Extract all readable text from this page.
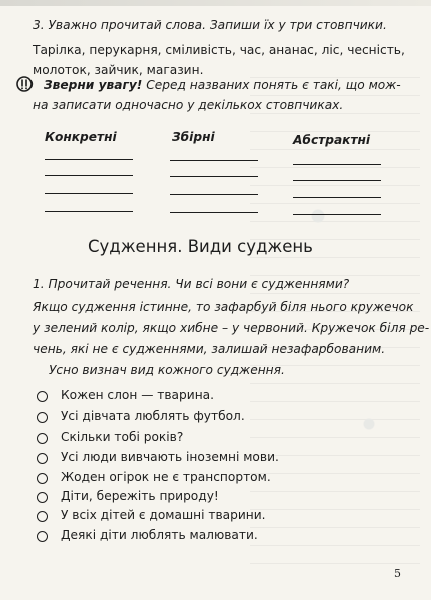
3. Уважно прочитай слова. Запиши їх у три стовпчики.
Тарілка, перукарня, сміливість, час, ананас, ліс, чесність,
молоток, зайчик, магазин.
Зверни увагу! Серед названих понять є такі, що мож-
на записати одночасно у декількох стовпчиках.
Конкретні	Збірні	Абстрактні
Судження. Види суджень
1. Прочитай речення. Чи всі вони є судженнями?
Якщо судження істинне, то зафарбуй біля нього кружечок
у зелений колір, якщо хибне – у червоний. Кружечок біля ре-
чень, які не є судженнями, залишай незафарбованим.
Усно визнач вид кожного судження.
Кожен слон — тварина.
Усі дівчата люблять футбол.
Скільки тобі років?
Усі люди вивчають іноземні мови.
Жоден огірок не є транспортом.
Діти, бережіть природу!
У всіх дітей є домашні тварини.
Деякі діти люблять малювати.
5
